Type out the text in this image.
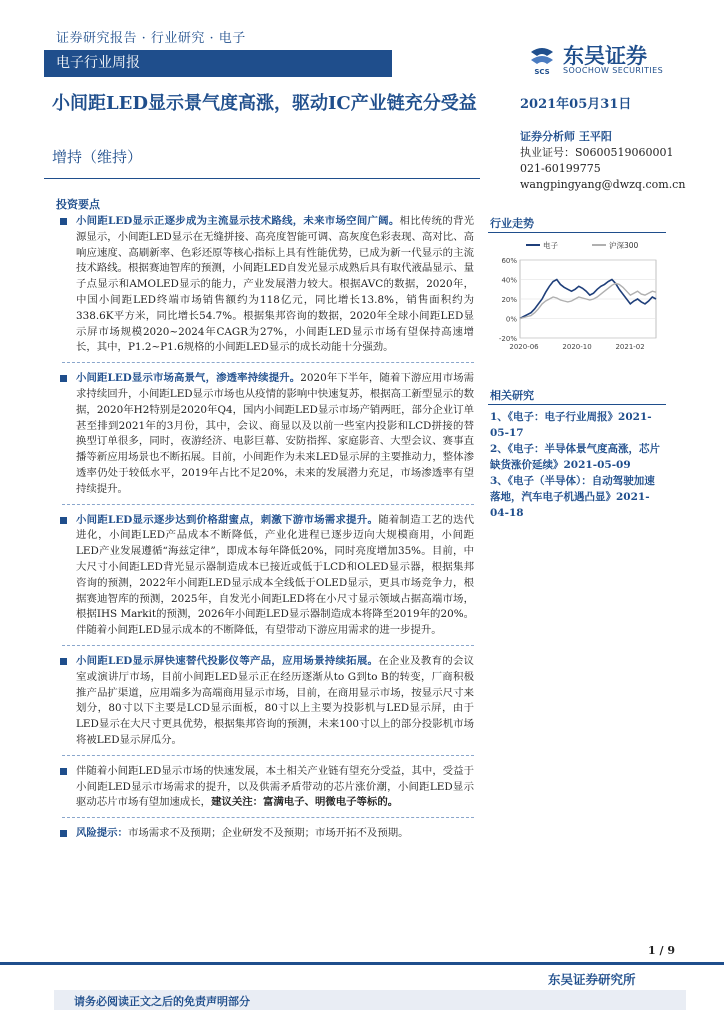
证券研究报告 · 行业研究 · 电子
电子行业周报
SCS
东吴证券
SOOCHOW SECURITIES
小间距LED显示景气度高涨，驱动IC产业链充分受益
增持（维持）
2021年05月31日
证券分析师 王平阳
执业证号：S0600519060001
021-60199775
wangpingyang@dwzq.com.cn
投资要点
小间距LED显示正逐步成为主流显示技术路线，未来市场空间广阔。相比传统的背光源显示，小间距LED显示在无缝拼接、高亮度智能可调、高灰度色彩表现、高对比、高响应速度、高刷新率、色彩还原等核心指标上具有性能优势，已成为新一代显示的主流技术路线。根据赛迪智库的预测，小间距LED自发光显示成熟后具有取代液晶显示、量子点显示和AMOLED显示的能力，产业发展潜力较大。根据AVC的数据，2020年，中国小间距LED终端市场销售额约为118亿元，同比增长13.8%，销售面积约为338.6K平方米，同比增长54.7%。根据集邦咨询的数据，2020年全球小间距LED显示屏市场规模2020~2024年CAGR为27%，小间距LED显示市场有望保持高速增长，其中，P1.2~P1.6规格的小间距LED显示的成长动能十分强劲。
小间距LED显示市场高景气，渗透率持续提升。2020年下半年，随着下游应用市场需求持续回升，小间距LED显示市场也从疫情的影响中快速复苏，根据高工新型显示的数据，2020年H2特别是2020年Q4，国内小间距LED显示市场产销两旺，部分企业订单甚至排到2021年的3月份，其中，会议、商显以及以前一些室内投影和LCD拼接的替换型订单很多，同时，夜游经济、电影巨幕、安防指挥、家庭影音、大型会议、赛事直播等新应用场景也不断拓展。目前，小间距作为未来LED显示屏的主要推动力，整体渗透率仍处于较低水平，2019年占比不足20%，未来的发展潜力充足，市场渗透率有望持续提升。
小间距LED显示逐步达到价格甜蜜点，刺激下游市场需求提升。随着制造工艺的迭代进化，小间距LED产品成本不断降低，产业化进程已逐步迈向大规模商用，小间距LED产业发展遵循“海兹定律”，即成本每年降低20%，同时亮度增加35%。目前，中大尺寸小间距LED背光显示器制造成本已接近或低于LCD和OLED显示器，根据集邦咨询的预测，2022年小间距LED显示成本全线低于OLED显示，更具市场竞争力，根据赛迪智库的预测，2025年，自发光小间距LED将在小尺寸显示领域占据高端市场，根据IHS Markit的预测，2026年小间距LED显示器制造成本将降至2019年的20%。伴随着小间距LED显示成本的不断降低，有望带动下游应用需求的进一步提升。
小间距LED显示屏快速替代投影仪等产品，应用场景持续拓展。在企业及教育的会议室或演讲厅市场，目前小间距LED显示正在经历逐渐从to G到to B的转变，厂商积极推产品扩渠道，应用端多为高端商用显示市场，目前，在商用显示市场，按显示尺寸来划分，80寸以下主要是LCD显示面板，80寸以上主要为投影机与LED显示屏，由于LED显示在大尺寸更具优势，根据集邦咨询的预测，未来100寸以上的部分投影机市场将被LED显示屏瓜分。
伴随着小间距LED显示市场的快速发展，本土相关产业链有望充分受益，其中，受益于小间距LED显示市场需求的提升，以及供需矛盾带动的芯片涨价潮，小间距LED显示驱动芯片市场有望加速成长，建议关注：富满电子、明微电子等标的。
风险提示：市场需求不及预期；企业研发不及预期；市场开拓不及预期。
行业走势
60%
40%
20%
0%
-20%
2020-06	2020-10	2021-02
电子	沪深300
相关研究
1、《电子：电子行业周报》2021-05-17
2、《电子：半导体景气度高涨，芯片缺货涨价延续》2021-05-09
3、《电子（半导体）：自动驾驶加速落地，汽车电子机遇凸显》2021-04-18
1 / 9
东吴证券研究所
请务必阅读正文之后的免责声明部分
